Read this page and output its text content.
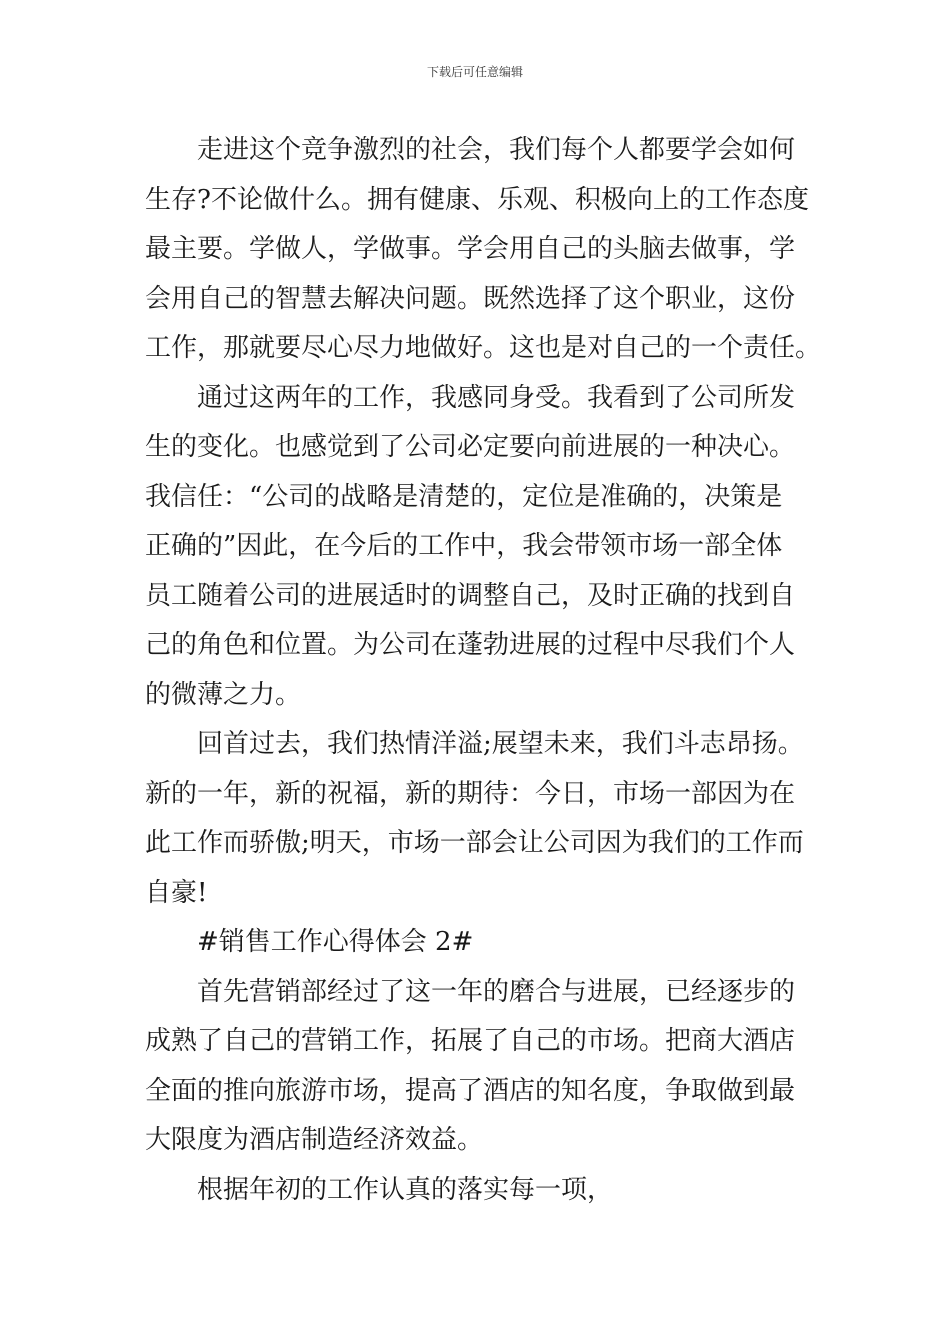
下载后可任意编辑

走进这个竞争激烈的社会，我们每个人都要学会如何
生存?不论做什么。拥有健康、乐观、积极向上的工作态度
最主要。学做人，学做事。学会用自己的头脑去做事，学
会用自己的智慧去解决问题。既然选择了这个职业，这份
工作，那就要尽心尽力地做好。这也是对自己的一个责任。

通过这两年的工作，我感同身受。我看到了公司所发
生的变化。也感觉到了公司必定要向前进展的一种决心。
我信任：“公司的战略是清楚的，定位是准确的，决策是
正确的”因此，在今后的工作中，我会带领市场一部全体
员工随着公司的进展适时的调整自己，及时正确的找到自
己的角色和位置。为公司在蓬勃进展的过程中尽我们个人
的微薄之力。

回首过去，我们热情洋溢;展望未来，我们斗志昂扬。
新的一年，新的祝福，新的期待：今日，市场一部因为在
此工作而骄傲;明天，市场一部会让公司因为我们的工作而
自豪!

#销售工作心得体会 2#

首先营销部经过了这一年的磨合与进展，已经逐步的
成熟了自己的营销工作，拓展了自己的市场。把商大酒店
全面的推向旅游市场，提高了酒店的知名度，争取做到最
大限度为酒店制造经济效益。

根据年初的工作认真的落实每一项，
